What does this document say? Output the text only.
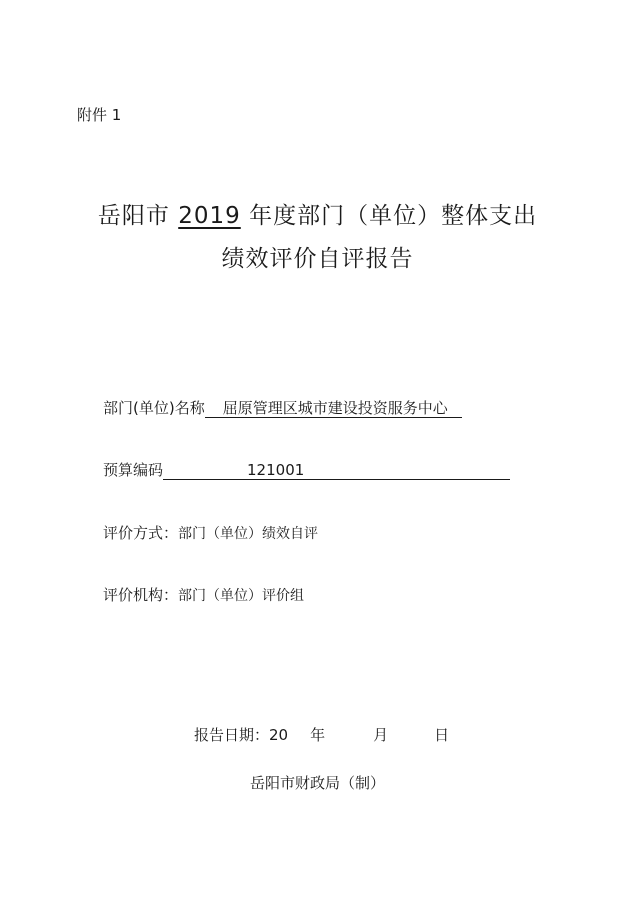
附件 1
岳阳市 2019 年度部门（单位）整体支出
绩效评价自评报告
部门(单位)名称 屈原管理区城市建设投资服务中心
预算编码	121001
评价方式：部门（单位）绩效自评
评价机构：部门（单位）评价组
报告日期：20 年	月	日
岳阳市财政局（制）
